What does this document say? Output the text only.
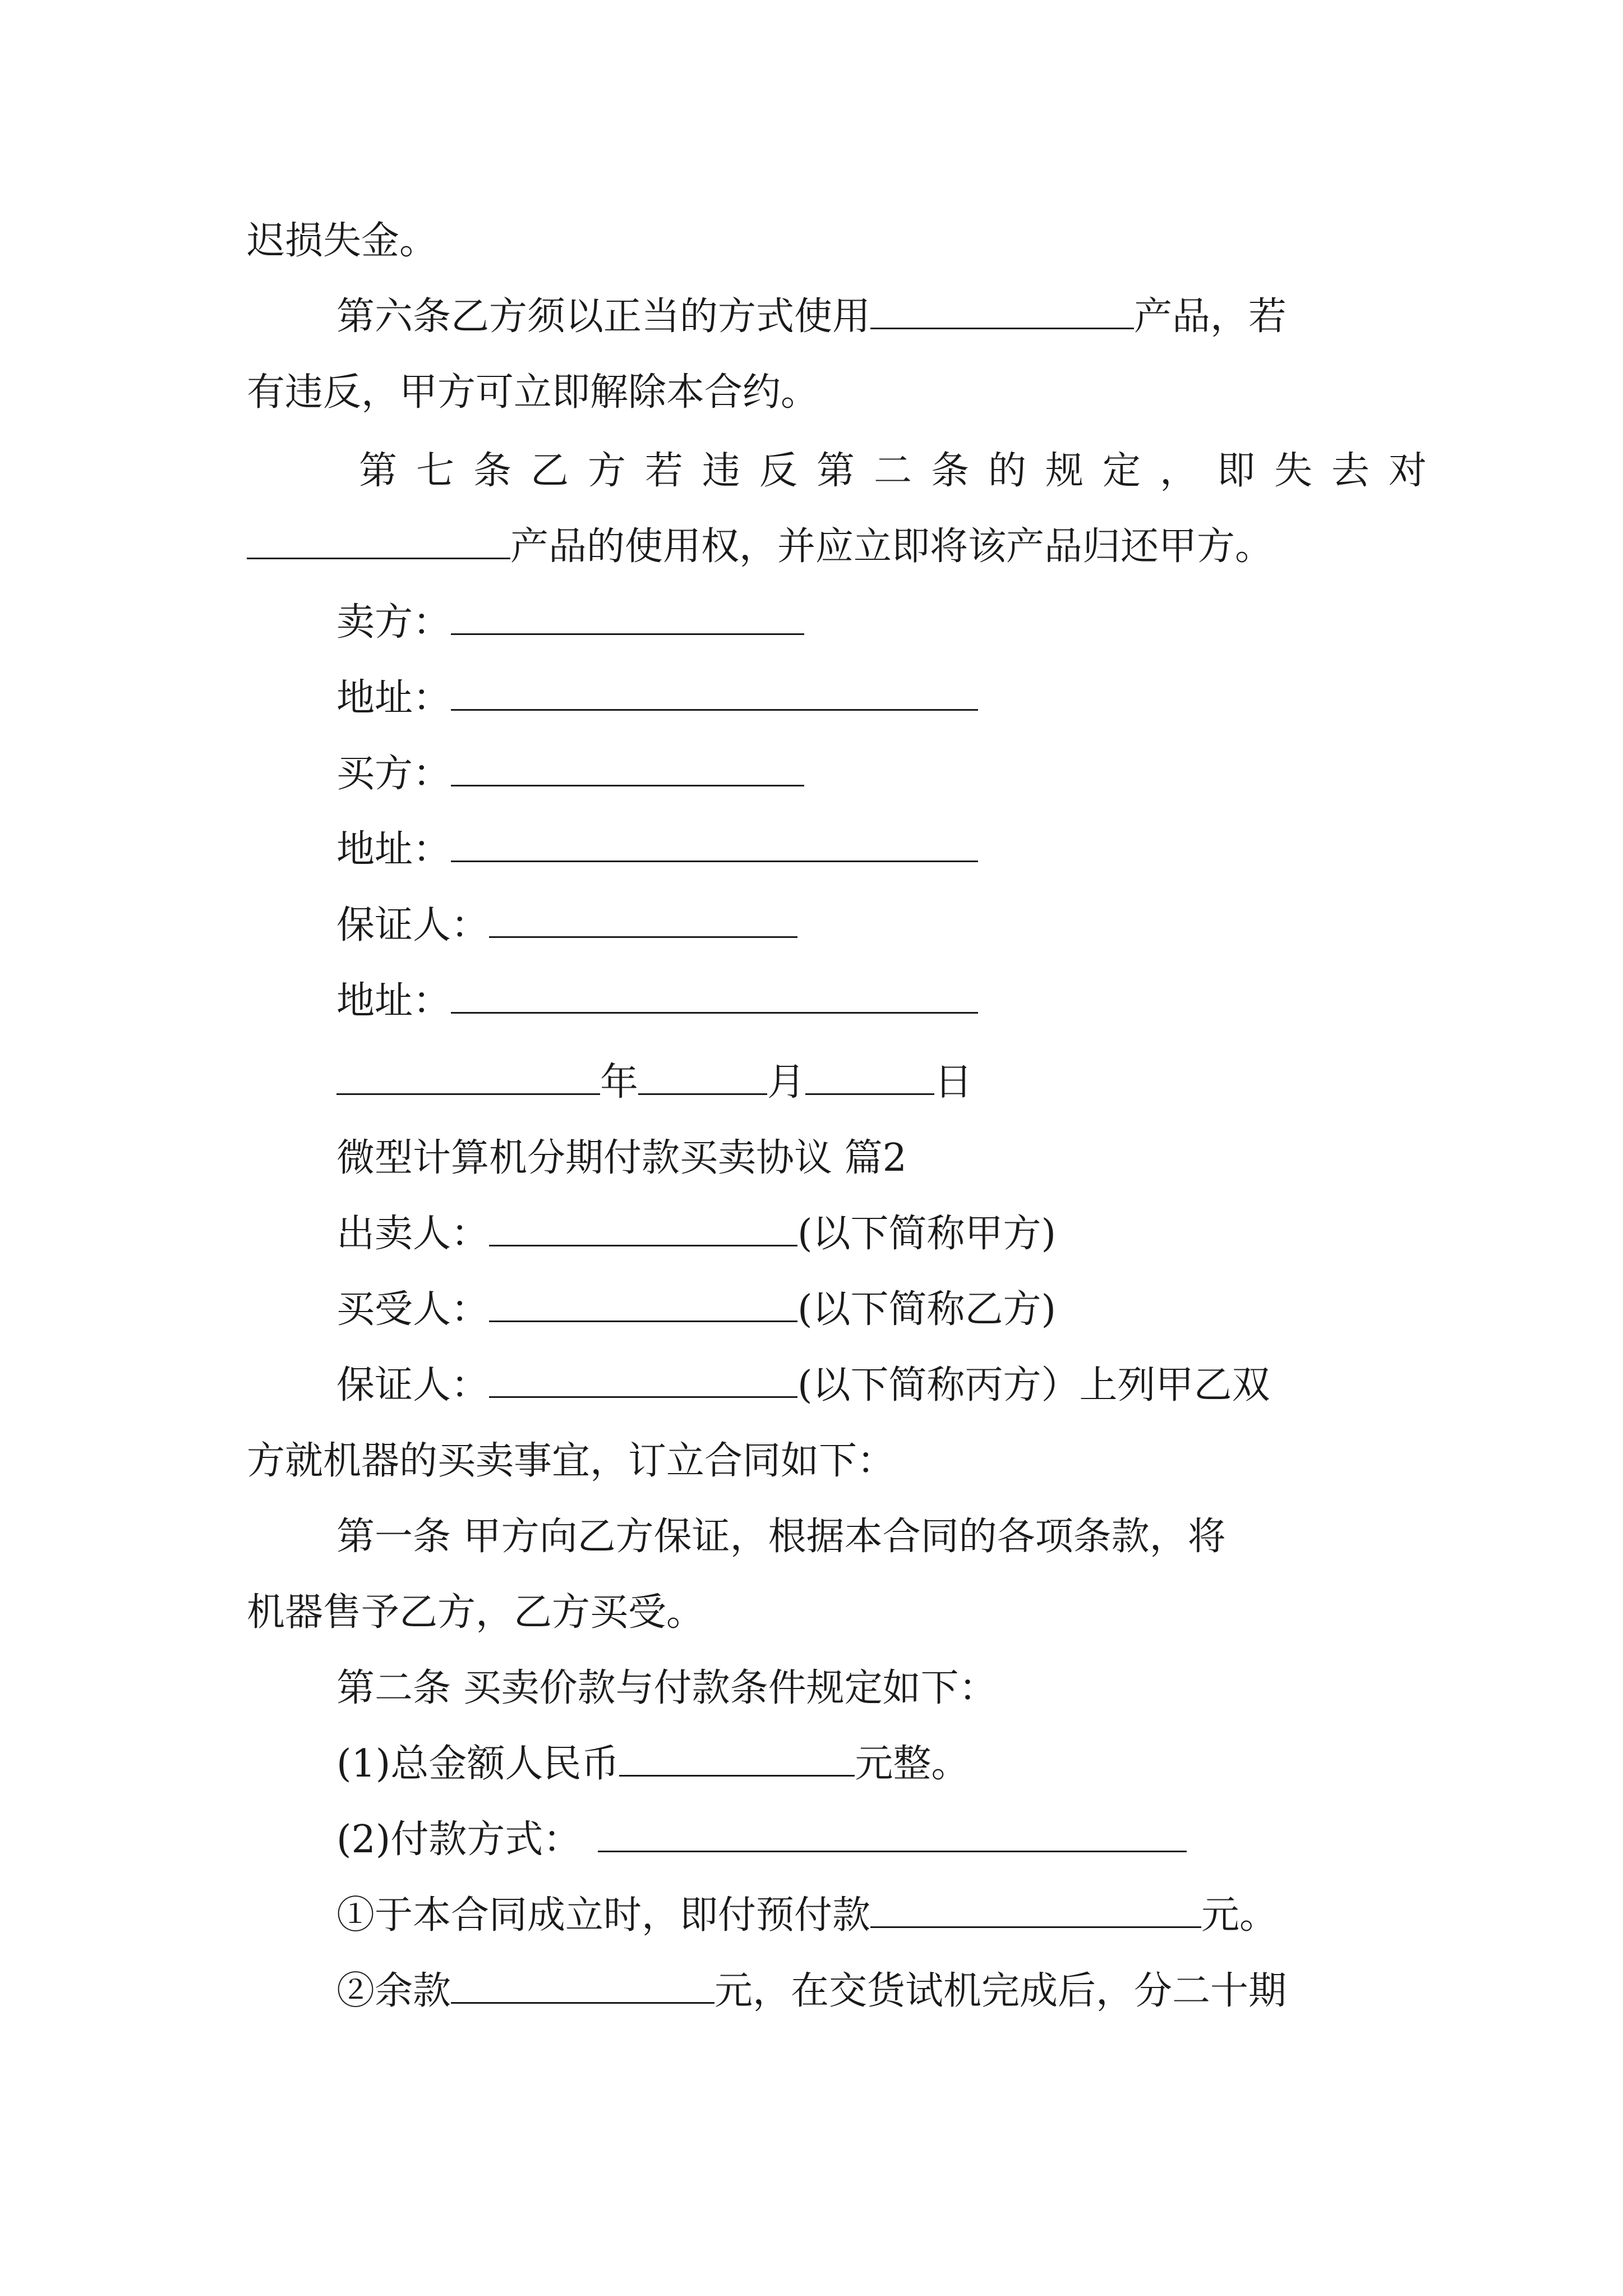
迟损失金。
第六条乙方须以正当的方式使用	产品，若
有违反，甲方可立即解除本合约。
第七条乙方若违反第二条的规定，即失去对
产品的使用权，并应立即将该产品归还甲方。
卖方：
地址：
买方：
地址：
保证人：
地址：
年	月	日
微型计算机分期付款买卖协议 篇2
出卖人：	(以下简称甲方)
买受人：	(以下简称乙方)
保证人：	(以下简称丙方）上列甲乙双
方就机器的买卖事宜，订立合同如下：
第一条 甲方向乙方保证，根据本合同的各项条款，将
机器售予乙方，乙方买受。
第二条 买卖价款与付款条件规定如下：
(1)总金额人民币	元整。
(2)付款方式：
①于本合同成立时，即付预付款	元。
②余款	元，在交货试机完成后，分二十期
